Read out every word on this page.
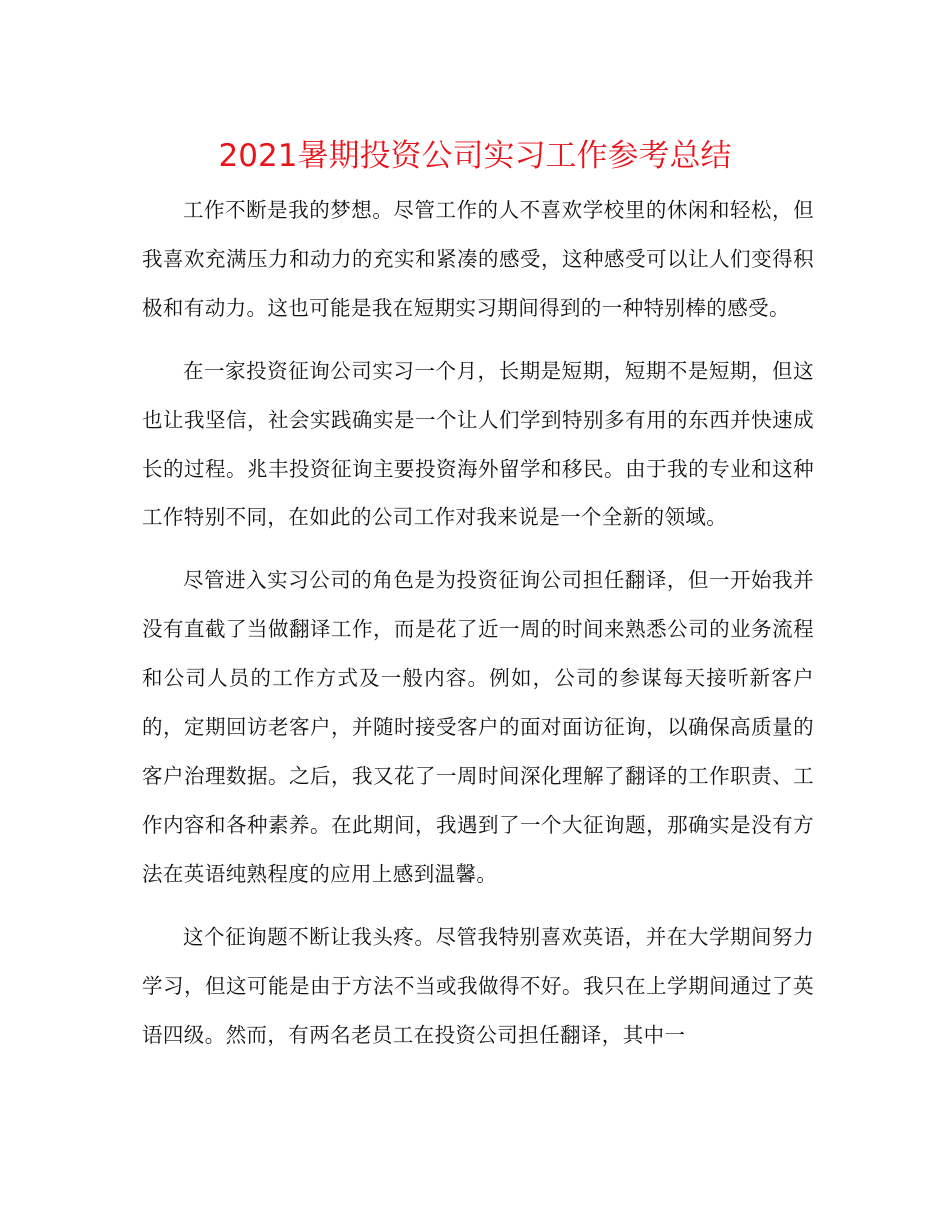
2021暑期投资公司实习工作参考总结

工作不断是我的梦想。尽管工作的人不喜欢学校里的休闲和轻松，但我喜欢充满压力和动力的充实和紧凑的感受，这种感受可以让人们变得积极和有动力。这也可能是我在短期实习期间得到的一种特别棒的感受。

在一家投资征询公司实习一个月，长期是短期，短期不是短期，但这也让我坚信，社会实践确实是一个让人们学到特别多有用的东西并快速成长的过程。兆丰投资征询主要投资海外留学和移民。由于我的专业和这种工作特别不同，在如此的公司工作对我来说是一个全新的领域。

尽管进入实习公司的角色是为投资征询公司担任翻译，但一开始我并没有直截了当做翻译工作，而是花了近一周的时间来熟悉公司的业务流程和公司人员的工作方式及一般内容。例如，公司的参谋每天接听新客户的，定期回访老客户，并随时接受客户的面对面访征询，以确保高质量的客户治理数据。之后，我又花了一周时间深化理解了翻译的工作职责、工作内容和各种素养。在此期间，我遇到了一个大征询题，那确实是没有方法在英语纯熟程度的应用上感到温馨。

这个征询题不断让我头疼。尽管我特别喜欢英语，并在大学期间努力学习，但这可能是由于方法不当或我做得不好。我只在上学期间通过了英语四级。然而，有两名老员工在投资公司担任翻译，其中一
